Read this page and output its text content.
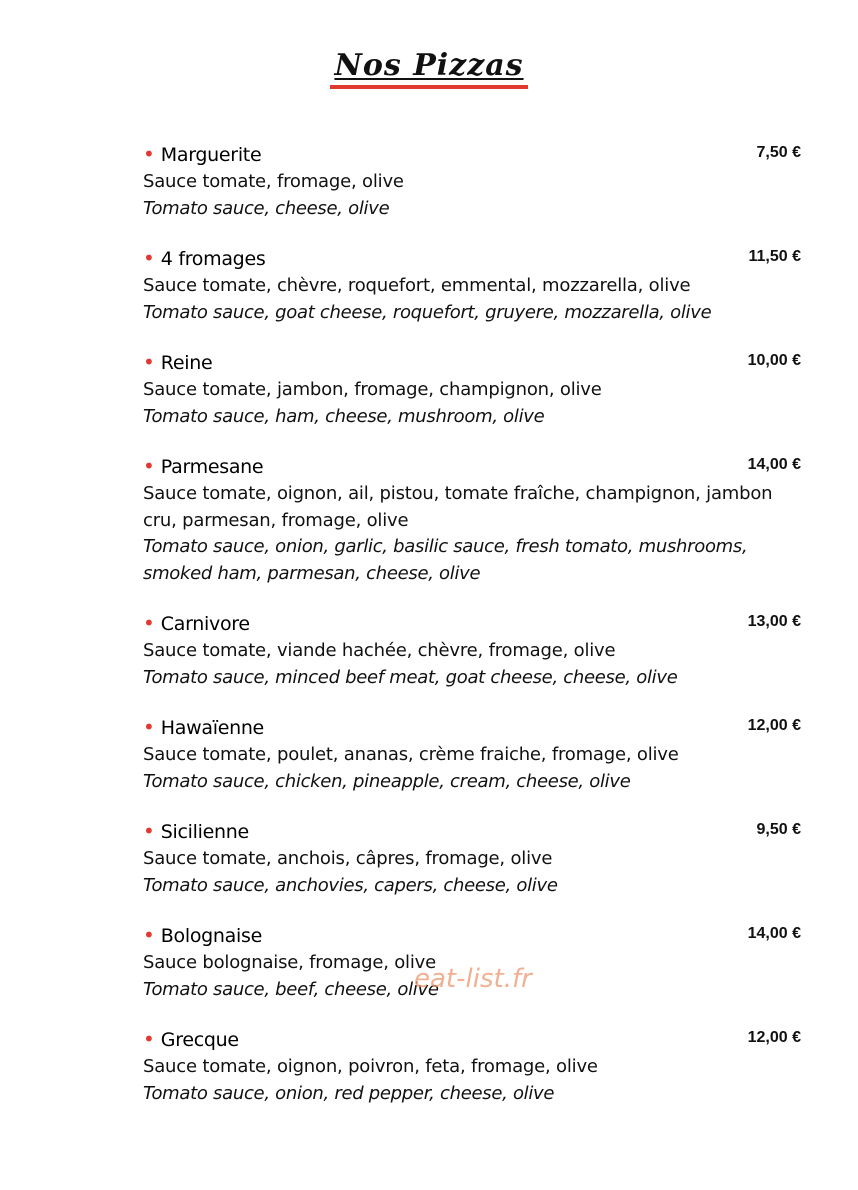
Nos Pizzas
• Marguerite	7,50 €
Sauce tomate, fromage, olive
Tomato sauce, cheese, olive
• 4 fromages	11,50 €
Sauce tomate, chèvre, roquefort, emmental, mozzarella, olive
Tomato sauce, goat cheese, roquefort, gruyere, mozzarella, olive
• Reine	10,00 €
Sauce tomate, jambon, fromage, champignon, olive
Tomato sauce, ham, cheese, mushroom, olive
• Parmesane	14,00 €
Sauce tomate, oignon, ail, pistou, tomate fraîche, champignon, jambon cru, parmesan, fromage, olive
Tomato sauce, onion, garlic, basilic sauce, fresh tomato, mushrooms, smoked ham, parmesan, cheese, olive
• Carnivore	13,00 €
Sauce tomate, viande hachée, chèvre, fromage, olive
Tomato sauce, minced beef meat, goat cheese, cheese, olive
• Hawaïenne	12,00 €
Sauce tomate, poulet, ananas, crème fraiche, fromage, olive
Tomato sauce, chicken, pineapple, cream, cheese, olive
• Sicilienne	9,50 €
Sauce tomate, anchois, câpres, fromage, olive
Tomato sauce, anchovies, capers, cheese, olive
• Bolognaise	14,00 €
Sauce bolognaise, fromage, olive
Tomato sauce, beef, cheese, olive
• Grecque	12,00 €
Sauce tomate, oignon, poivron, feta, fromage, olive
Tomato sauce, onion, red pepper, cheese, olive
eat-list.fr
